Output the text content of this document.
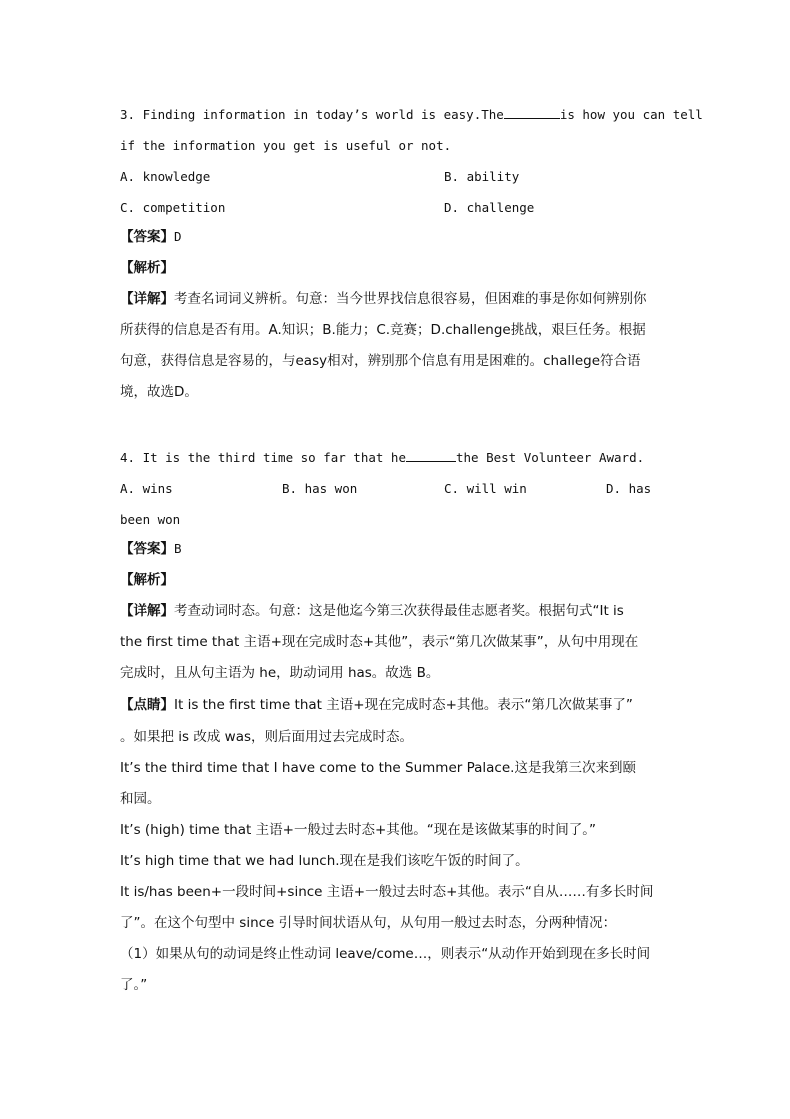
3. Finding information in today’s world is easy.The	is how you can tell
if the information you get is useful or not.
A. knowledge	B. ability
C. competition	D. challenge
【答案】D
【解析】
【详解】考查名词词义辨析。句意：当今世界找信息很容易，但困难的事是你如何辨别你
所获得的信息是否有用。A.知识；B.能力；C.竞赛；D.challenge挑战，艰巨任务。根据
句意，获得信息是容易的，与easy相对，辨别那个信息有用是困难的。challege符合语
境，故选D。
4. It is the third time so far that he	the Best Volunteer Award.
A. wins	B. has won	C. will win	D. has
been won
【答案】B
【解析】
【详解】考查动词时态。句意：这是他迄今第三次获得最佳志愿者奖。根据句式“It is
the first time that 主语+现在完成时态+其他”，表示“第几次做某事”，从句中用现在
完成时，且从句主语为 he，助动词用 has。故选 B。
【点睛】It is the first time that 主语+现在完成时态+其他。表示“第几次做某事了”
。如果把 is 改成 was，则后面用过去完成时态。
It’s the third time that I have come to the Summer Palace.这是我第三次来到颐
和园。
It’s (high) time that 主语+一般过去时态+其他。“现在是该做某事的时间了。”
It’s high time that we had lunch.现在是我们该吃午饭的时间了。
It is/has been+一段时间+since 主语+一般过去时态+其他。表示“自从……有多长时间
了”。在这个句型中 since 引导时间状语从句，从句用一般过去时态，分两种情况：
（1）如果从句的动词是终止性动词 leave/come…，则表示“从动作开始到现在多长时间
了。”
